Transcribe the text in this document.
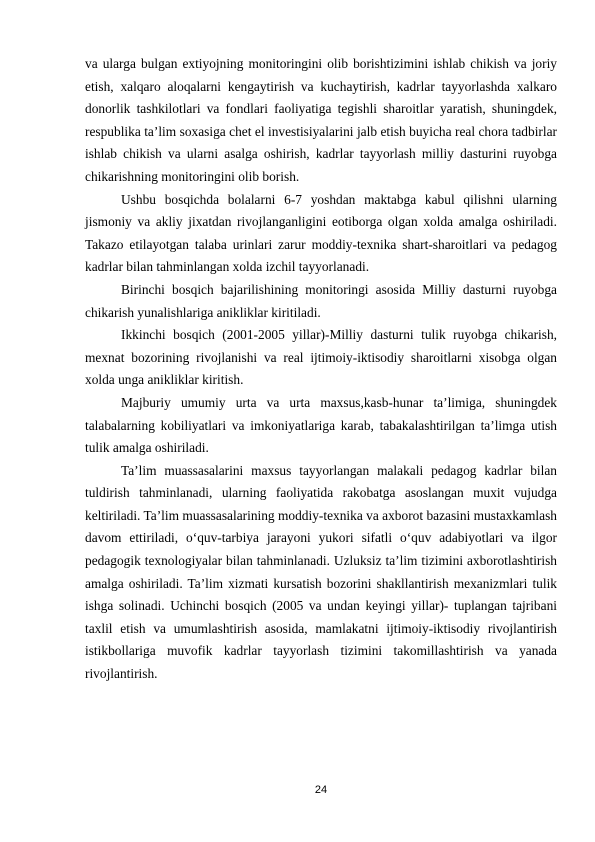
va ularga bulgan extiyojning monitoringini olib borishtizimini ishlab chikish va joriy etish, xalqaro aloqalarni kengaytirish va kuchaytirish, kadrlar tayyorlashda xalkaro donorlik tashkilotlari va fondlari faoliyatiga tegishli sharoitlar yaratish, shuningdek, respublika ta’lim soxasiga chet el investisiyalarini jalb etish buyicha real chora tadbirlar ishlab chikish va ularni asalga oshirish, kadrlar tayyorlash milliy dasturini ruyobga chikarishning monitoringini olib borish.

Ushbu bosqichda bolalarni 6-7 yoshdan maktabga kabul qilishni ularning jismoniy va akliy jixatdan rivojlanganligini eotiborga olgan xolda amalga oshiriladi. Takazo etilayotgan talaba urinlari zarur moddiy-texnika shart-sharoitlari va pedagog kadrlar bilan tahminlangan xolda izchil tayyorlanadi.

Birinchi bosqich bajarilishining monitoringi asosida Milliy dasturni ruyobga chikarish yunalishlariga anikliklar kiritiladi.

Ikkinchi bosqich (2001-2005 yillar)-Milliy dasturni tulik ruyobga chikarish, mexnat bozorining rivojlanishi va real ijtimoiy-iktisodiy sharoitlarni xisobga olgan xolda unga anikliklar kiritish.

Majburiy umumiy urta va urta maxsus,kasb-hunar ta’limiga, shuningdek talabalarning kobiliyatlari va imkoniyatlariga karab, tabakalashtirilgan ta’limga utish tulik amalga oshiriladi.

Ta’lim muassasalarini maxsus tayyorlangan malakali pedagog kadrlar bilan tuldirish tahminlanadi, ularning faoliyatida rakobatga asoslangan muxit vujudga keltiriladi. Ta’lim muassasalarining moddiy-texnika va axborot bazasini mustaxkamlash davom ettiriladi, o‘quv-tarbiya jarayoni yukori sifatli o‘quv adabiyotlari va ilgor pedagogik texnologiyalar bilan tahminlanadi. Uzluksiz ta’lim tizimini axborotlashtirish amalga oshiriladi. Ta’lim xizmati kursatish bozorini shakllantirish mexanizmlari tulik ishga solinadi. Uchinchi bosqich (2005 va undan keyingi yillar)- tuplangan tajribani taxlil etish va umumlashtirish asosida, mamlakatni ijtimoiy-iktisodiy rivojlantirish istikbollariga muvofik kadrlar tayyorlash tizimini takomillashtirish va yanada rivojlantirish.

24
